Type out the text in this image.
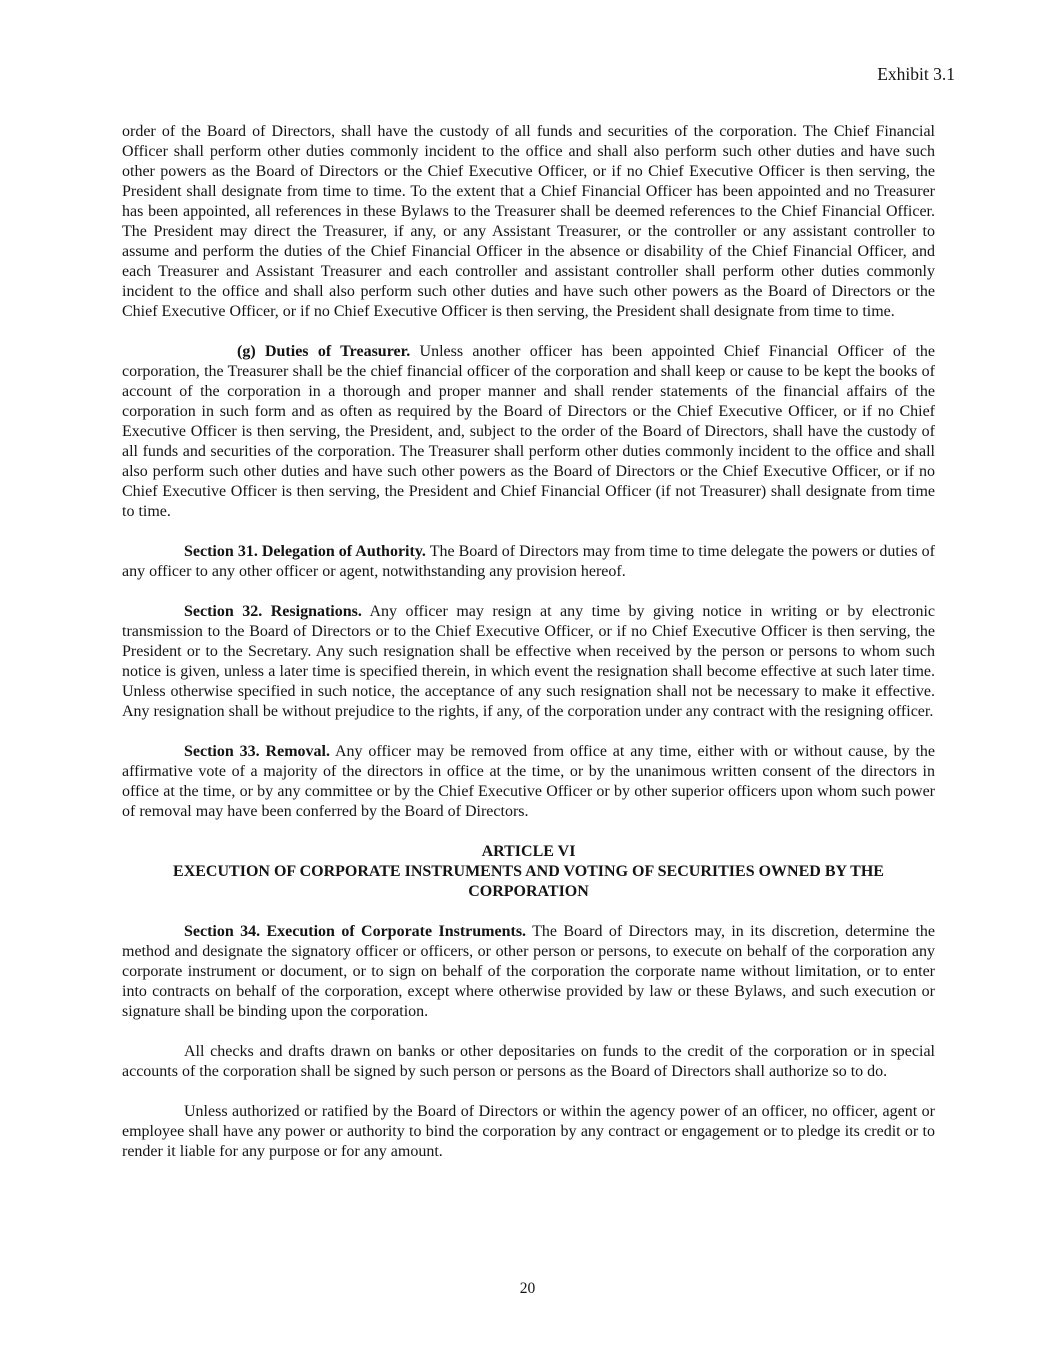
Exhibit 3.1

order of the Board of Directors, shall have the custody of all funds and securities of the corporation. The Chief Financial Officer shall perform other duties commonly incident to the office and shall also perform such other duties and have such other powers as the Board of Directors or the Chief Executive Officer, or if no Chief Executive Officer is then serving, the President shall designate from time to time. To the extent that a Chief Financial Officer has been appointed and no Treasurer has been appointed, all references in these Bylaws to the Treasurer shall be deemed references to the Chief Financial Officer. The President may direct the Treasurer, if any, or any Assistant Treasurer, or the controller or any assistant controller to assume and perform the duties of the Chief Financial Officer in the absence or disability of the Chief Financial Officer, and each Treasurer and Assistant Treasurer and each controller and assistant controller shall perform other duties commonly incident to the office and shall also perform such other duties and have such other powers as the Board of Directors or the Chief Executive Officer, or if no Chief Executive Officer is then serving, the President shall designate from time to time.

(g) Duties of Treasurer. Unless another officer has been appointed Chief Financial Officer of the corporation, the Treasurer shall be the chief financial officer of the corporation and shall keep or cause to be kept the books of account of the corporation in a thorough and proper manner and shall render statements of the financial affairs of the corporation in such form and as often as required by the Board of Directors or the Chief Executive Officer, or if no Chief Executive Officer is then serving, the President, and, subject to the order of the Board of Directors, shall have the custody of all funds and securities of the corporation. The Treasurer shall perform other duties commonly incident to the office and shall also perform such other duties and have such other powers as the Board of Directors or the Chief Executive Officer, or if no Chief Executive Officer is then serving, the President and Chief Financial Officer (if not Treasurer) shall designate from time to time.

Section 31. Delegation of Authority. The Board of Directors may from time to time delegate the powers or duties of any officer to any other officer or agent, notwithstanding any provision hereof.

Section 32. Resignations. Any officer may resign at any time by giving notice in writing or by electronic transmission to the Board of Directors or to the Chief Executive Officer, or if no Chief Executive Officer is then serving, the President or to the Secretary. Any such resignation shall be effective when received by the person or persons to whom such notice is given, unless a later time is specified therein, in which event the resignation shall become effective at such later time. Unless otherwise specified in such notice, the acceptance of any such resignation shall not be necessary to make it effective. Any resignation shall be without prejudice to the rights, if any, of the corporation under any contract with the resigning officer.

Section 33. Removal. Any officer may be removed from office at any time, either with or without cause, by the affirmative vote of a majority of the directors in office at the time, or by the unanimous written consent of the directors in office at the time, or by any committee or by the Chief Executive Officer or by other superior officers upon whom such power of removal may have been conferred by the Board of Directors.

ARTICLE VI
EXECUTION OF CORPORATE INSTRUMENTS AND VOTING OF SECURITIES OWNED BY THE CORPORATION

Section 34. Execution of Corporate Instruments. The Board of Directors may, in its discretion, determine the method and designate the signatory officer or officers, or other person or persons, to execute on behalf of the corporation any corporate instrument or document, or to sign on behalf of the corporation the corporate name without limitation, or to enter into contracts on behalf of the corporation, except where otherwise provided by law or these Bylaws, and such execution or signature shall be binding upon the corporation.

All checks and drafts drawn on banks or other depositaries on funds to the credit of the corporation or in special accounts of the corporation shall be signed by such person or persons as the Board of Directors shall authorize so to do.

Unless authorized or ratified by the Board of Directors or within the agency power of an officer, no officer, agent or employee shall have any power or authority to bind the corporation by any contract or engagement or to pledge its credit or to render it liable for any purpose or for any amount.

20
